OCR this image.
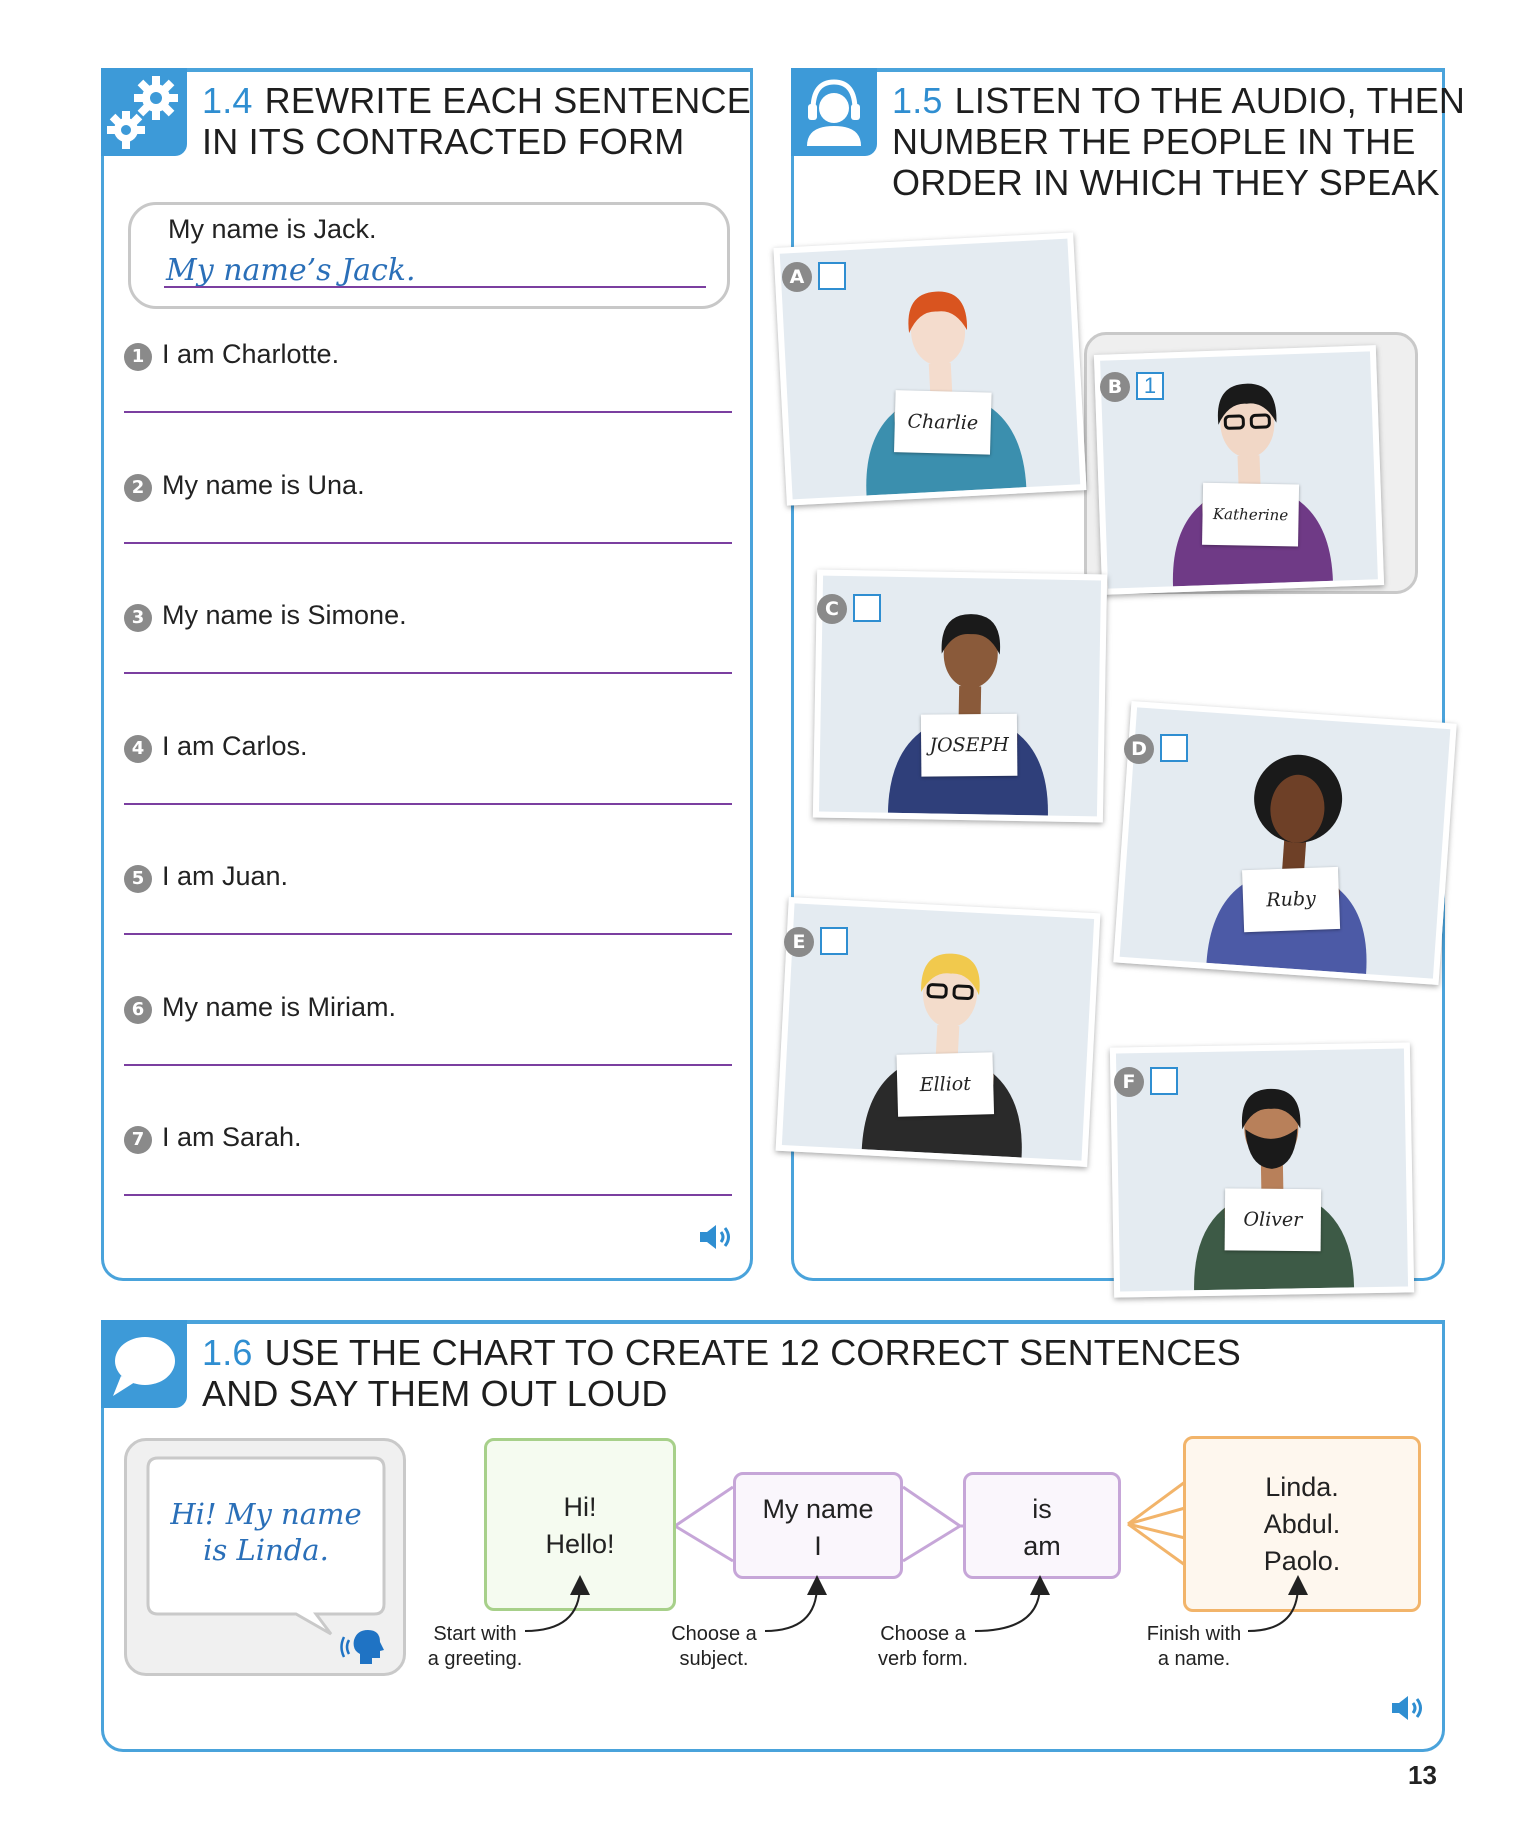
1.4 REWRITE EACH SENTENCE
IN ITS CONTRACTED FORM
My name is Jack.
My name’s Jack.
1 I am Charlotte.
2 My name is Una.
3 My name is Simone.
4 I am Carlos.
5 I am Juan.
6 My name is Miriam.
7 I am Sarah.
1.5 LISTEN TO THE AUDIO, THEN
NUMBER THE PEOPLE IN THE
ORDER IN WHICH THEY SPEAK
Charlie
A
Katherine
B 1
JOSEPH
C
Ruby
D
Elliot
E
Oliver
F
1.6 USE THE CHART TO CREATE 12 CORRECT SENTENCES
AND SAY THEM OUT LOUD
Hi! My name
is Linda.
Hi!
Hello!
My name
I
is
am
Linda.
Abdul.
Paolo.
Start with
a greeting.
Choose a
subject.
Choose a
verb form.
Finish with
a name.
13
